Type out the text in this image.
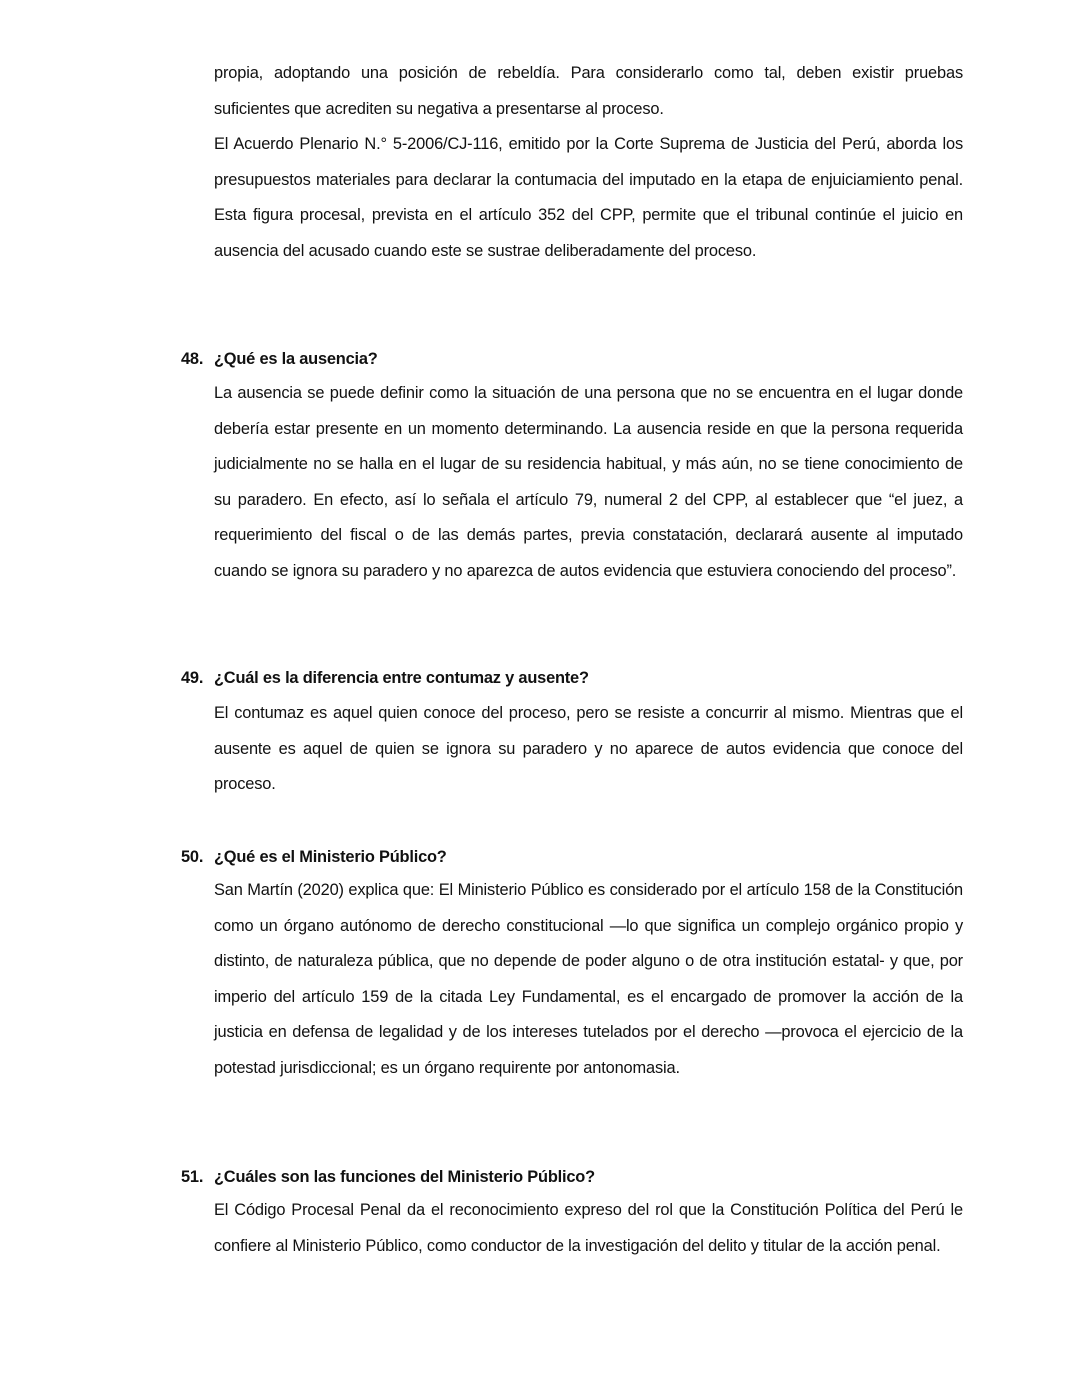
propia, adoptando una posición de rebeldía. Para considerarlo como tal, deben existir pruebas suficientes que acrediten su negativa a presentarse al proceso.

El Acuerdo Plenario N.° 5-2006/CJ-116, emitido por la Corte Suprema de Justicia del Perú, aborda los presupuestos materiales para declarar la contumacia del imputado en la etapa de enjuiciamiento penal. Esta figura procesal, prevista en el artículo 352 del CPP, permite que el tribunal continúe el juicio en ausencia del acusado cuando este se sustrae deliberadamente del proceso.

48. ¿Qué es la ausencia?

La ausencia se puede definir como la situación de una persona que no se encuentra en el lugar donde debería estar presente en un momento determinando. La ausencia reside en que la persona requerida judicialmente no se halla en el lugar de su residencia habitual, y más aún, no se tiene conocimiento de su paradero. En efecto, así lo señala el artículo 79, numeral 2 del CPP, al establecer que “el juez, a requerimiento del fiscal o de las demás partes, previa constatación, declarará ausente al imputado cuando se ignora su paradero y no aparezca de autos evidencia que estuviera conociendo del proceso”.

49. ¿Cuál es la diferencia entre contumaz y ausente?

El contumaz es aquel quien conoce del proceso, pero se resiste a concurrir al mismo. Mientras que el ausente es aquel de quien se ignora su paradero y no aparece de autos evidencia que conoce del proceso.

50. ¿Qué es el Ministerio Público?

San Martín (2020) explica que: El Ministerio Público es considerado por el artículo 158 de la Constitución como un órgano autónomo de derecho constitucional —lo que significa un complejo orgánico propio y distinto, de naturaleza pública, que no depende de poder alguno o de otra institución estatal- y que, por imperio del artículo 159 de la citada Ley Fundamental, es el encargado de promover la acción de la justicia en defensa de legalidad y de los intereses tutelados por el derecho —provoca el ejercicio de la potestad jurisdiccional; es un órgano requirente por antonomasia.

51. ¿Cuáles son las funciones del Ministerio Público?

El Código Procesal Penal da el reconocimiento expreso del rol que la Constitución Política del Perú le confiere al Ministerio Público, como conductor de la investigación del delito y titular de la acción penal.
